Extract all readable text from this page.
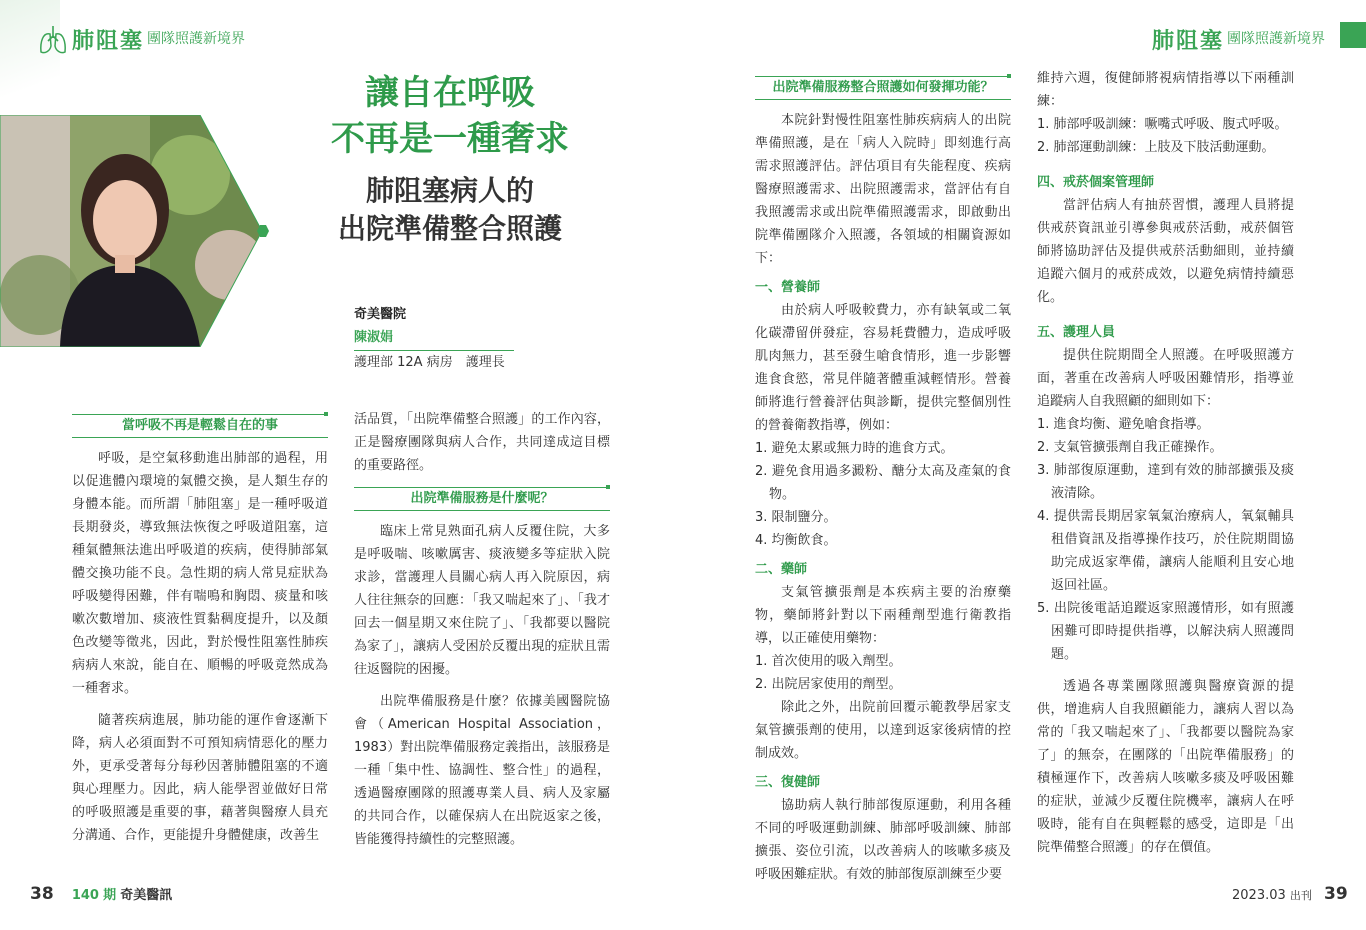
肺阻塞 團隊照護新境界	肺阻塞 團隊照護新境界
讓自在呼吸
不再是一種奢求
肺阻塞病人的
出院準備整合照護
奇美醫院
陳淑娟
護理部 12A 病房　護理長
當呼吸不再是輕鬆自在的事

呼吸，是空氣移動進出肺部的過程，用以促進體內環境的氣體交換，是人類生存的身體本能。而所謂「肺阻塞」是一種呼吸道長期發炎，導致無法恢復之呼吸道阻塞，這種氣體無法進出呼吸道的疾病，使得肺部氣體交換功能不良。急性期的病人常見症狀為呼吸變得困難，伴有喘鳴和胸悶、痰量和咳嗽次數增加、痰液性質黏稠度提升，以及顏色改變等徵兆，因此，對於慢性阻塞性肺疾病病人來說，能自在、順暢的呼吸竟然成為一種奢求。

隨著疾病進展，肺功能的運作會逐漸下降，病人必須面對不可預知病情惡化的壓力外，更承受著每分每秒因著肺體阻塞的不適與心理壓力。因此，病人能學習並做好日常的呼吸照護是重要的事，藉著與醫療人員充分溝通、合作，更能提升身體健康，改善生

活品質，「出院準備整合照護」的工作內容，正是醫療團隊與病人合作，共同達成這目標的重要路徑。

出院準備服務是什麼呢？

臨床上常見熟面孔病人反覆住院，大多是呼吸喘、咳嗽厲害、痰液變多等症狀入院求診，當護理人員關心病人再入院原因，病人往往無奈的回應：「我又喘起來了」、「我才回去一個星期又來住院了」、「我都要以醫院為家了」，讓病人受困於反覆出現的症狀且需往返醫院的困擾。

出院準備服務是什麼？依據美國醫院協會（American Hospital Association，1983）對出院準備服務定義指出，該服務是一種「集中性、協調性、整合性」的過程，透過醫療團隊的照護專業人員、病人及家屬的共同合作，以確保病人在出院返家之後，皆能獲得持續性的完整照護。

出院準備服務整合照護如何發揮功能？

本院針對慢性阻塞性肺疾病病人的出院準備照護，是在「病人入院時」即刻進行高需求照護評估。評估項目有失能程度、疾病醫療照護需求、出院照護需求，當評估有自我照護需求或出院準備照護需求，即啟動出院準備團隊介入照護，各領域的相關資源如下：

一、營養師

由於病人呼吸較費力，亦有缺氧或二氧化碳滯留併發症，容易耗費體力，造成呼吸肌肉無力，甚至發生嗆食情形，進一步影響進食食慾，常見伴隨著體重減輕情形。營養師將進行營養評估與診斷，提供完整個別性的營養衛教指導，例如：

1. 避免太累或無力時的進食方式。
2. 避免食用過多澱粉、醣分太高及產氣的食物。
3. 限制鹽分。
4. 均衡飲食。
二、藥師

支氣管擴張劑是本疾病主要的治療藥物，藥師將針對以下兩種劑型進行衛教指導，以正確使用藥物：

1. 首次使用的吸入劑型。
2. 出院居家使用的劑型。

除此之外，出院前回覆示範教學居家支氣管擴張劑的使用，以達到返家後病情的控制成效。

三、復健師

協助病人執行肺部復原運動，利用各種不同的呼吸運動訓練、肺部呼吸訓練、肺部擴張、姿位引流，以改善病人的咳嗽多痰及呼吸困難症狀。有效的肺部復原訓練至少要

維持六週，復健師將視病情指導以下兩種訓練：

1. 肺部呼吸訓練：噘嘴式呼吸、腹式呼吸。
2. 肺部運動訓練：上肢及下肢活動運動。
四、戒菸個案管理師

當評估病人有抽菸習慣，護理人員將提供戒菸資訊並引導參與戒菸活動，戒菸個管師將協助評估及提供戒菸活動細則，並持續追蹤六個月的戒菸成效，以避免病情持續惡化。

五、護理人員

提供住院期間全人照護。在呼吸照護方面，著重在改善病人呼吸困難情形，指導並追蹤病人自我照顧的細則如下：

1. 進食均衡、避免嗆食指導。
2. 支氣管擴張劑自我正確操作。
3. 肺部復原運動，達到有效的肺部擴張及痰液清除。
4. 提供需長期居家氧氣治療病人，氧氣輔具租借資訊及指導操作技巧，於住院期間協助完成返家準備，讓病人能順利且安心地返回社區。
5. 出院後電話追蹤返家照護情形，如有照護困難可即時提供指導，以解決病人照護問題。

透過各專業團隊照護與醫療資源的提供，增進病人自我照顧能力，讓病人習以為常的「我又喘起來了」、「我都要以醫院為家了」的無奈，在團隊的「出院準備服務」的積極運作下，改善病人咳嗽多痰及呼吸困難的症狀，並減少反覆住院機率，讓病人在呼吸時，能有自在與輕鬆的感受，這即是「出院準備整合照護」的存在價值。

38 140 期 奇美醫訊	2023.03 出刊 39
